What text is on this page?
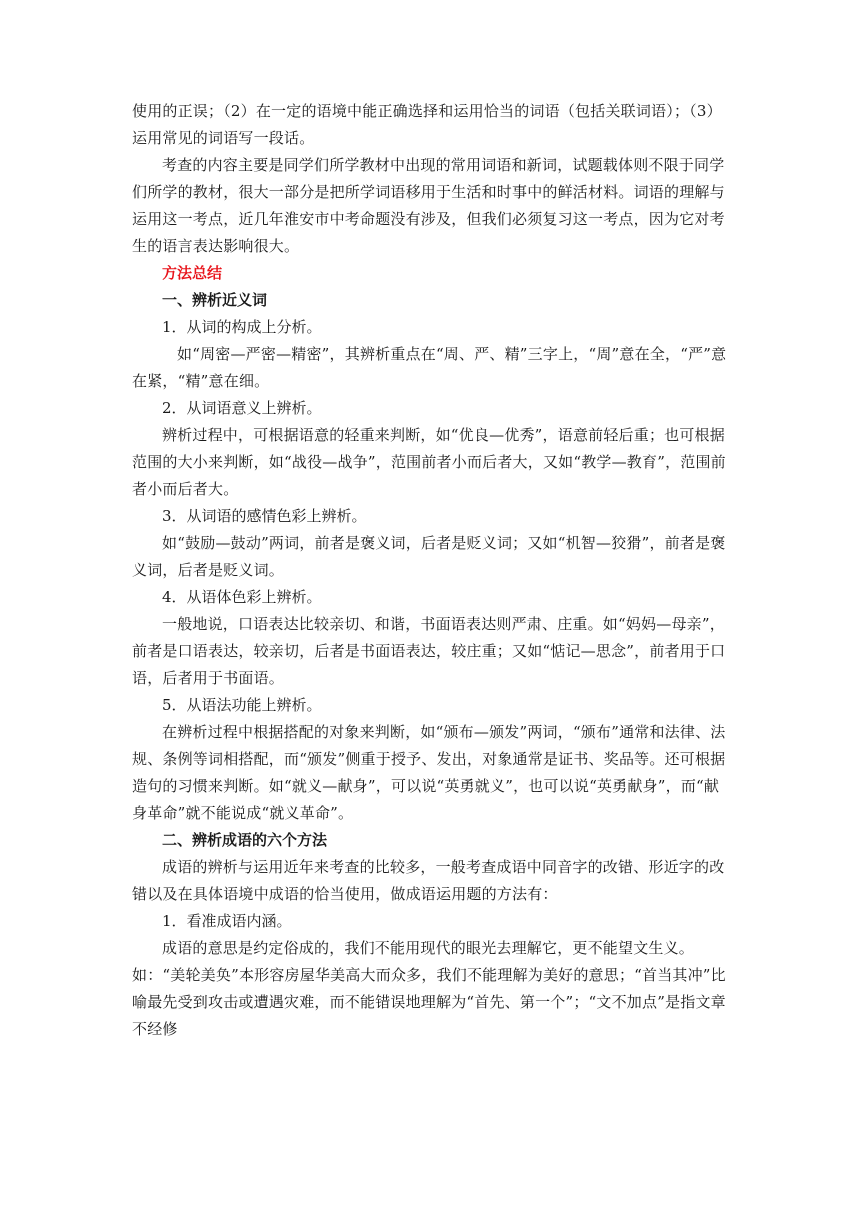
使用的正误；（2）在一定的语境中能正确选择和运用恰当的词语（包括关联词语）；（3）运用常见的词语写一段话。

考查的内容主要是同学们所学教材中出现的常用词语和新词，试题载体则不限于同学们所学的教材，很大一部分是把所学词语移用于生活和时事中的鲜活材料。词语的理解与运用这一考点，近几年淮安市中考命题没有涉及，但我们必须复习这一考点，因为它对考生的语言表达影响很大。

方法总结

一、辨析近义词

1．从词的构成上分析。

如“周密—严密—精密”，其辨析重点在“周、严、精”三字上，“周”意在全，“严”意在紧，“精”意在细。

2．从词语意义上辨析。

辨析过程中，可根据语意的轻重来判断，如“优良—优秀”，语意前轻后重；也可根据范围的大小来判断，如“战役—战争”，范围前者小而后者大，又如“教学—教育”，范围前者小而后者大。

3．从词语的感情色彩上辨析。

如“鼓励—鼓动”两词，前者是褒义词，后者是贬义词；又如“机智—狡猾”，前者是褒义词，后者是贬义词。

4．从语体色彩上辨析。

一般地说，口语表达比较亲切、和谐，书面语表达则严肃、庄重。如“妈妈—母亲”，前者是口语表达，较亲切，后者是书面语表达，较庄重；又如“惦记—思念”，前者用于口语，后者用于书面语。

5．从语法功能上辨析。

在辨析过程中根据搭配的对象来判断，如“颁布—颁发”两词，“颁布”通常和法律、法规、条例等词相搭配，而“颁发”侧重于授予、发出，对象通常是证书、奖品等。还可根据造句的习惯来判断。如“就义—献身”，可以说“英勇就义”，也可以说“英勇献身”，而“献身革命”就不能说成“就义革命”。

二、辨析成语的六个方法

成语的辨析与运用近年来考查的比较多，一般考查成语中同音字的改错、形近字的改错以及在具体语境中成语的恰当使用，做成语运用题的方法有：

1．看准成语内涵。

成语的意思是约定俗成的，我们不能用现代的眼光去理解它，更不能望文生义。如：“美轮美奂”本形容房屋华美高大而众多，我们不能理解为美好的意思；“首当其冲”比喻最先受到攻击或遭遇灾难，而不能错误地理解为“首先、第一个”；“文不加点”是指文章不经修
